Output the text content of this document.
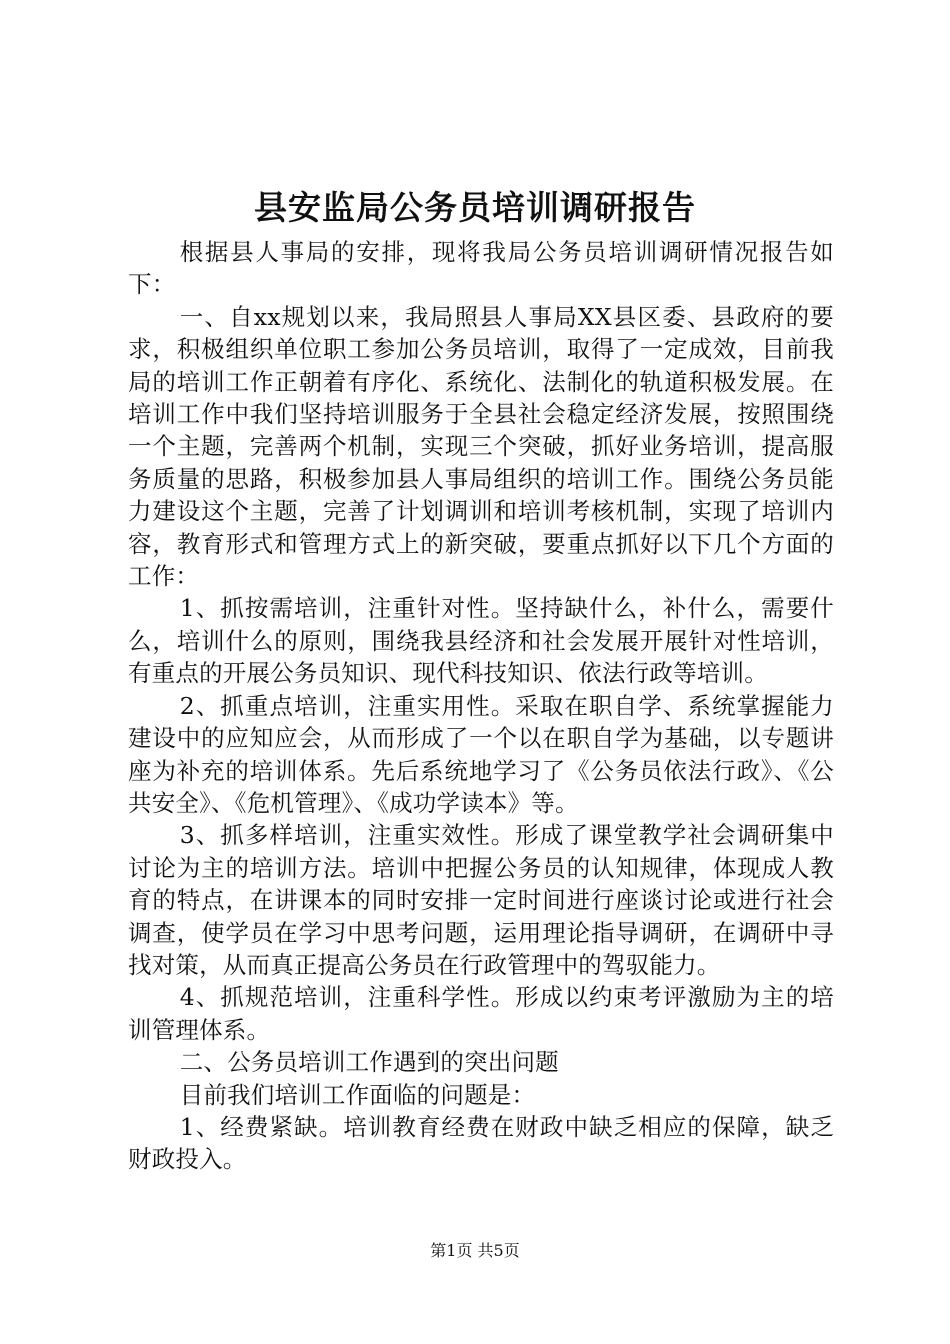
县安监局公务员培训调研报告

根据县人事局的安排，现将我局公务员培训调研情况报告如下：

一、自xx规划以来，我局照县人事局XX县区委、县政府的要求，积极组织单位职工参加公务员培训，取得了一定成效，目前我局的培训工作正朝着有序化、系统化、法制化的轨道积极发展。在培训工作中我们坚持培训服务于全县社会稳定经济发展，按照围绕一个主题，完善两个机制，实现三个突破，抓好业务培训，提高服务质量的思路，积极参加县人事局组织的培训工作。围绕公务员能力建设这个主题，完善了计划调训和培训考核机制，实现了培训内容，教育形式和管理方式上的新突破，要重点抓好以下几个方面的工作：

1、抓按需培训，注重针对性。坚持缺什么，补什么，需要什么，培训什么的原则，围绕我县经济和社会发展开展针对性培训，有重点的开展公务员知识、现代科技知识、依法行政等培训。

2、抓重点培训，注重实用性。采取在职自学、系统掌握能力建设中的应知应会，从而形成了一个以在职自学为基础，以专题讲座为补充的培训体系。先后系统地学习了《公务员依法行政》、《公共安全》、《危机管理》、《成功学读本》等。

3、抓多样培训，注重实效性。形成了课堂教学社会调研集中讨论为主的培训方法。培训中把握公务员的认知规律，体现成人教育的特点，在讲课本的同时安排一定时间进行座谈讨论或进行社会调查，使学员在学习中思考问题，运用理论指导调研，在调研中寻找对策，从而真正提高公务员在行政管理中的驾驭能力。

4、抓规范培训，注重科学性。形成以约束考评激励为主的培训管理体系。

二、公务员培训工作遇到的突出问题

目前我们培训工作面临的问题是：

1、经费紧缺。培训教育经费在财政中缺乏相应的保障，缺乏财政投入。

第1页 共5页
